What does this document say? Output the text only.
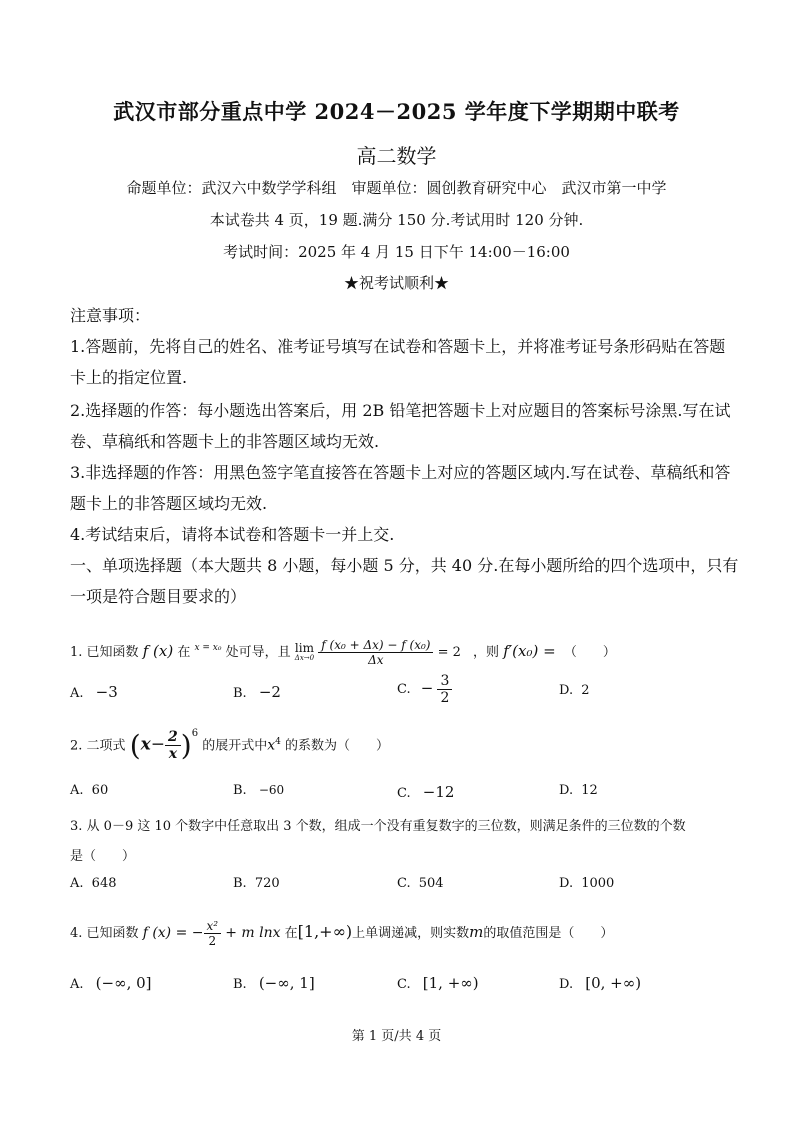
武汉市部分重点中学 2024－2025 学年度下学期期中联考
高二数学
命题单位：武汉六中数学学科组　审题单位：圆创教育研究中心　武汉市第一中学
本试卷共 4 页，19 题.满分 150 分.考试用时 120 分钟.
考试时间：2025 年 4 月 15 日下午 14:00－16:00
★祝考试顺利★
注意事项：
1.答题前，先将自己的姓名、准考证号填写在试卷和答题卡上，并将准考证号条形码贴在答题
卡上的指定位置.
2.选择题的作答：每小题选出答案后，用 2B 铅笔把答题卡上对应题目的答案标号涂黑.写在试
卷、草稿纸和答题卡上的非答题区域均无效.
3.非选择题的作答：用黑色签字笔直接答在答题卡上对应的答题区域内.写在试卷、草稿纸和答
题卡上的非答题区域均无效.
4.考试结束后，请将本试卷和答题卡一并上交.
一、单项选择题（本大题共 8 小题，每小题 5 分，共 40 分.在每小题所给的四个选项中，只有
一项是符合题目要求的）
1. 已知函数 f (x) 在 $^{x = x_0}$ 处可导，且 lim
Δx→0
$\frac{\text{f (x₀ + Δx) − f (x₀)}}{\Delta x} = 2$ ，则 f′(x₀) = （　　）
A. −3	B. −2	C. − $\frac{3}{2}$	D. 2
2. 二项式 $(x- \frac{2}{x} )^6$ 的展开式中$x^4$ 的系数为（　　）
A. 60	B. −60	C. −12	D. 12
3. 从 0－9 这 10 个数字中任意取出 3 个数，组成一个没有重复数字的三位数，则满足条件的三位数的个数
是（　　）
A. 648	B. 720	C. 504	D. 1000
4. 已知函数 f (x) = − $\frac{\text{x²}}{2} + m$ lnx 在[1,+∞)上单调递减，则实数m的取值范围是（　　）
A. (−∞, 0]	B. (−∞, 1]	C. [1, +∞)	D. [0, +∞)
第 1 页/共 4 页
